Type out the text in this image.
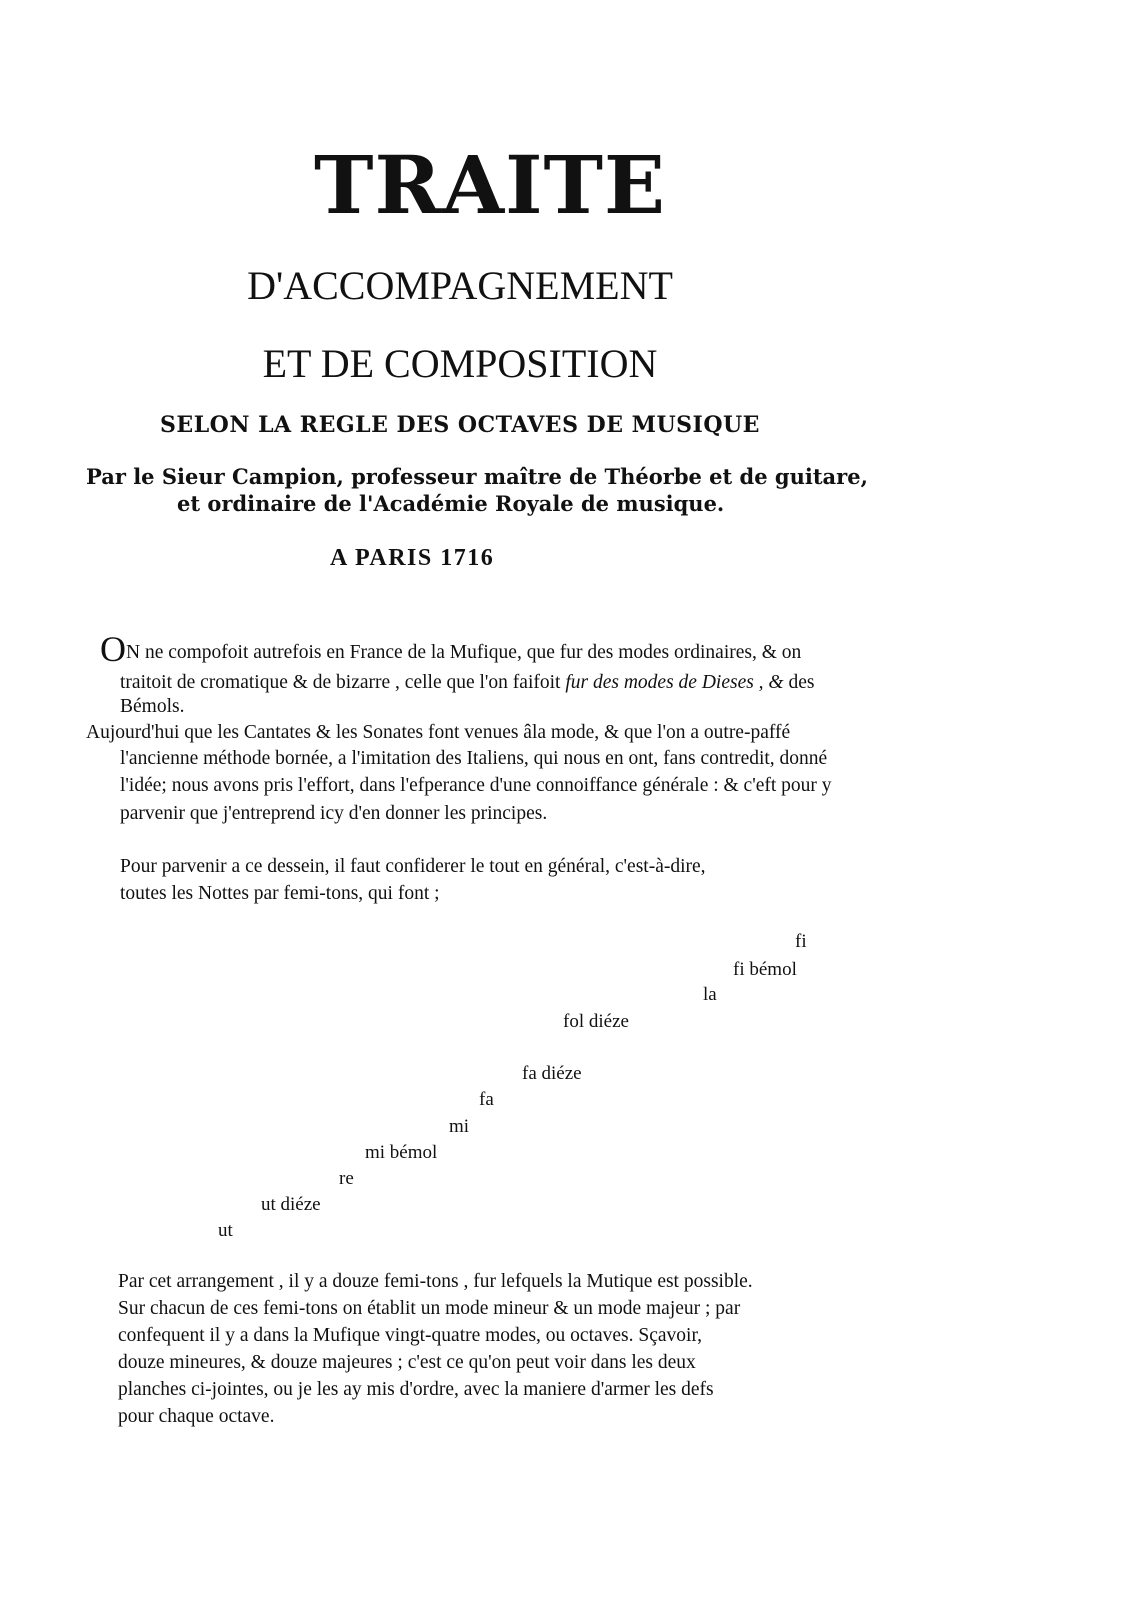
TRAITE
D'ACCOMPAGNEMENT
ET DE COMPOSITION
SELON LA REGLE DES OCTAVES DE MUSIQUE
Par le Sieur Campion, professeur maître de Théorbe et de guitare,
et ordinaire de l'Académie Royale de musique.
A PARIS 1716
ON ne compofoit autrefois en France de la Mufique, que fur des modes ordinaires, & on
traitoit de cromatique & de bizarre , celle que l'on faifoit fur des modes de Dieses , & des
Bémols.
Aujourd'hui que les Cantates & les Sonates font venues âla mode, & que l'on a outre-paffé
l'ancienne méthode bornée, a l'imitation des Italiens, qui nous en ont, fans contredit, donné
l'idée; nous avons pris l'effort, dans l'efperance d'une connoiffance générale : & c'eft pour y
parvenir que j'entreprend icy d'en donner les principes.
Pour parvenir a ce dessein, il faut confiderer le tout en général, c'est-à-dire,
toutes les Nottes par femi-tons, qui font ;
fi
fi bémol
la
fol diéze
fa diéze
fa
mi
mi bémol
re
ut diéze
ut
Par cet arrangement , il y a douze femi-tons , fur lefquels la Mutique est possible.
Sur chacun de ces femi-tons on établit un mode mineur & un mode majeur ; par
confequent il y a dans la Mufique vingt-quatre modes, ou octaves. Sçavoir,
douze mineures, & douze majeures ; c'est ce qu'on peut voir dans les deux
planches ci-jointes, ou je les ay mis d'ordre, avec la maniere d'armer les defs
pour chaque octave.
